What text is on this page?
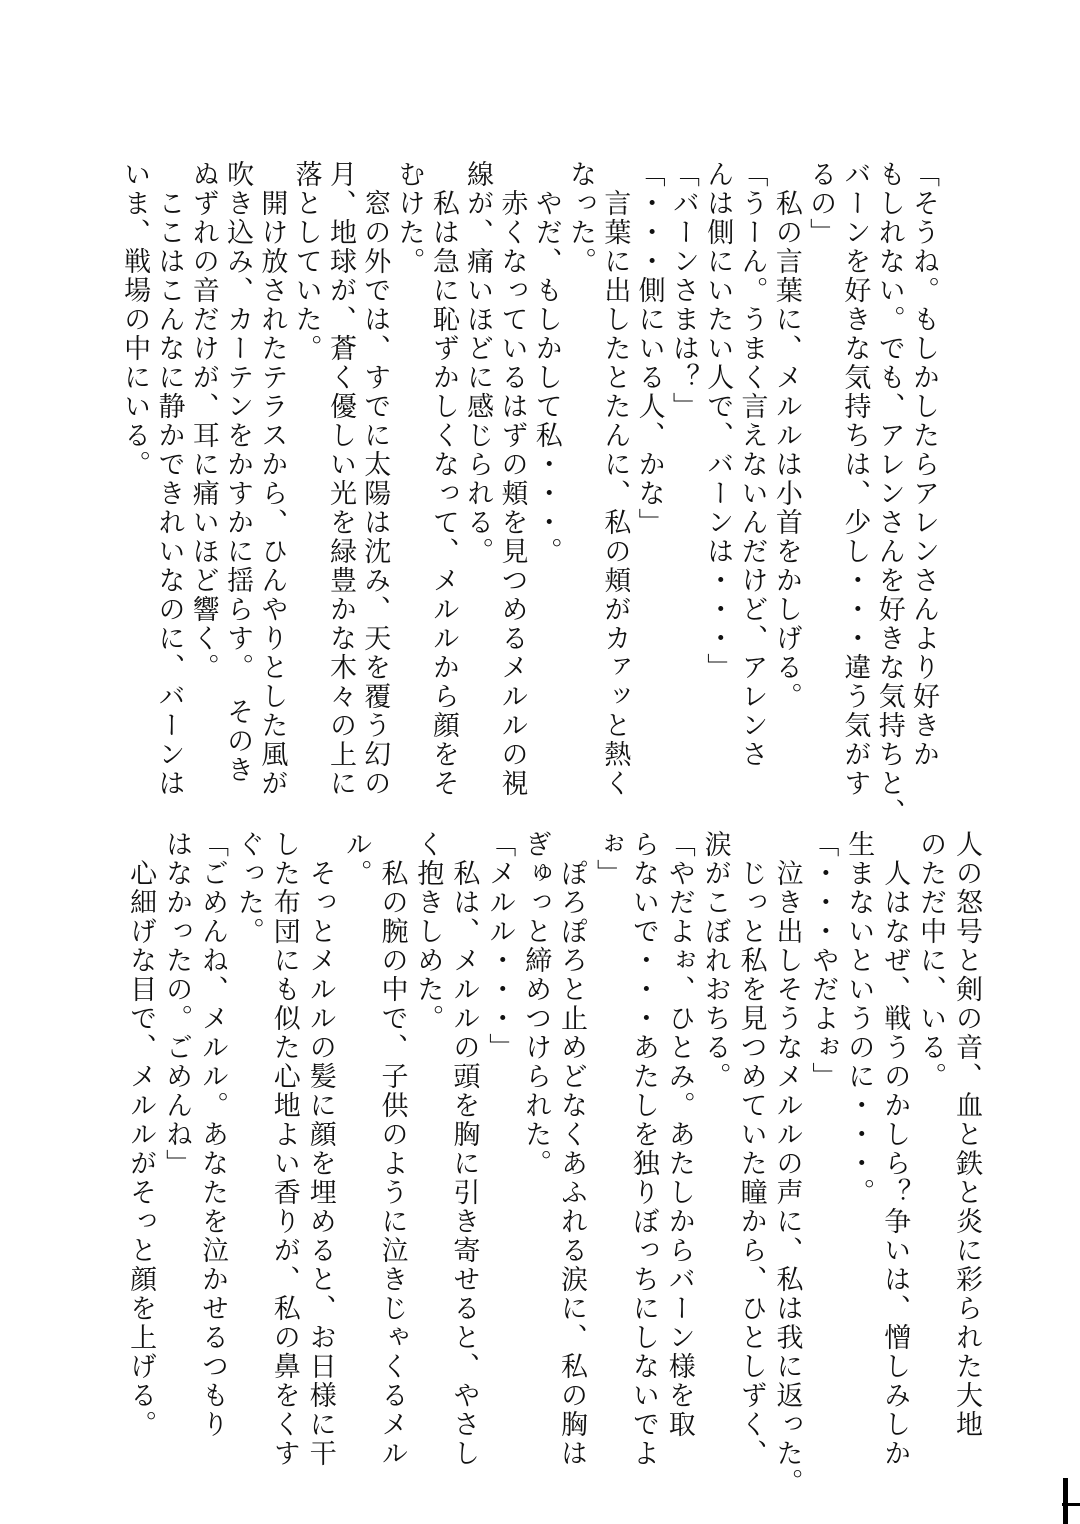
「そうね。もしかしたらアレンさんより好きか
もしれない。でも、アレンさんを好きな気持ちと、
バーンを好きな気持ちは、少し・・・違う気がす
るの」
　私の言葉に、メルルは小首をかしげる。
「うーん。うまく言えないんだけど、アレンさ
んは側にいたい人で、バーンは・・・」
「バーンさまは？」
「・・・側にいる人、かな」
　言葉に出したとたんに、私の頬がカァッと熱く
なった。
　やだ、もしかして私・・・。
　赤くなっているはずの頬を見つめるメルルの視
線が、痛いほどに感じられる。
　私は急に恥ずかしくなって、メルルから顔をそ
むけた。
　窓の外では、すでに太陽は沈み、天を覆う幻の
月、地球が、蒼く優しい光を緑豊かな木々の上に
落としていた。
　開け放されたテラスから、ひんやりとした風が
吹き込み、カーテンをかすかに揺らす。　そのき
ぬずれの音だけが、耳に痛いほど響く。
　ここはこんなに静かできれいなのに、バーンは
いま、戦場の中にいる。
人の怒号と剣の音、血と鉄と炎に彩られた大地
のただ中に、いる。
　人はなぜ、戦うのかしら？争いは、憎しみしか
生まないというのに・・・。
「・・・やだよぉ」
　泣き出しそうなメルルの声に、私は我に返った。
　じっと私を見つめていた瞳から、ひとしずく、
涙がこぼれおちる。
「やだよぉ、ひとみ。あたしからバーン様を取
らないで・・・あたしを独りぼっちにしないでよ
ぉ」
　ぽろぽろと止めどなくあふれる涙に、私の胸は
ぎゅっと締めつけられた。
「メルル・・・」
　私は、メルルの頭を胸に引き寄せると、やさし
く抱きしめた。
　私の腕の中で、子供のように泣きじゃくるメル
ル。
　そっとメルルの髪に顔を埋めると、お日様に干
した布団にも似た心地よい香りが、私の鼻をくす
ぐった。
「ごめんね、メルル。あなたを泣かせるつもり
はなかったの。ごめんね」
　心細げな目で、メルルがそっと顔を上げる。
